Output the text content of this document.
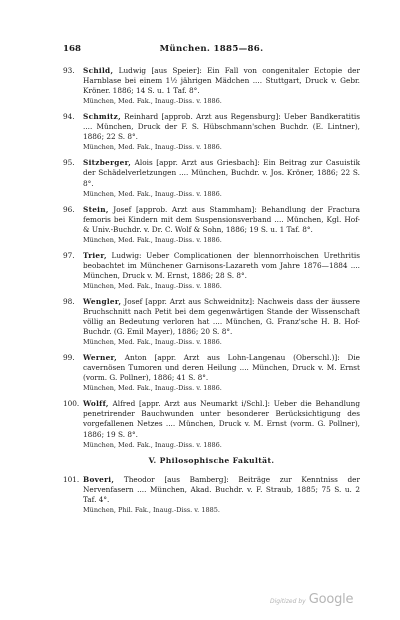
168	München. 1885—86.
93.	Schild, Ludwig [aus Speier]: Ein Fall von congenitaler Ectopie der Harnblase bei einem 1½ jährigen Mädchen .... Stuttgart, Druck v. Gebr. Kröner. 1886; 14 S. u. 1 Taf. 8°.
München, Med. Fak., Inaug.-Diss. v. 1886.
94.	Schmitz, Reinhard [approb. Arzt aus Regensburg]: Ueber Bandkeratitis .... München, Druck der F. S. Hübschmann'schen Buchdr. (E. Lintner), 1886; 22 S. 8°.
München, Med. Fak., Inaug.-Diss. v. 1886.
95.	Sitzberger, Alois [appr. Arzt aus Griesbach]: Ein Beitrag zur Casuistik der Schädelverletzungen .... München, Buchdr. v. Jos. Kröner, 1886; 22 S. 8°.
München, Med. Fak., Inaug.-Diss. v. 1886.
96.	Stein, Josef [approb. Arzt aus Stammham]: Behandlung der Fractura femoris bei Kindern mit dem Suspensionsverband .... München, Kgl. Hof- & Univ.-Buchdr. v. Dr. C. Wolf & Sohn, 1886; 19 S. u. 1 Taf. 8°.
München, Med. Fak., Inaug.-Diss. v. 1886.
97.	Trier, Ludwig: Ueber Complicationen der blennorrhoischen Urethritis beobachtet im Münchener Garnisons-Lazareth vom Jahre 1876—1884 .... München, Druck v. M. Ernst, 1886; 28 S. 8°.
München, Med. Fak., Inaug.-Diss. v. 1886.
98.	Wengler, Josef [appr. Arzt aus Schweidnitz]: Nachweis dass der äussere Bruchschnitt nach Petit bei dem gegenwärtigen Stande der Wissenschaft völlig an Bedeutung verloren hat .... München, G. Franz'sche H. B. Hof-Buchdr. (G. Emil Mayer), 1886; 20 S. 8°.
München, Med. Fak., Inaug.-Diss. v. 1886.
99.	Werner, Anton [appr. Arzt aus Lohn-Langenau (Oberschl.)]: Die cavernösen Tumoren und deren Heilung .... München, Druck v. M. Ernst (vorm. G. Pollner), 1886; 41 S. 8°.
München, Med. Fak., Inaug.-Diss. v. 1886.
100. Wolff, Alfred [appr. Arzt aus Neumarkt i/Schl.]: Ueber die Behandlung penetrirender Bauchwunden unter besonderer Berücksichtigung des vorgefallenen Netzes .... München, Druck v. M. Ernst (vorm. G. Pollner), 1886; 19 S. 8°.
München, Med. Fak., Inaug.-Diss. v. 1886.
V. Philosophische Fakultät.
101. Boveri, Theodor [aus Bamberg]: Beiträge zur Kenntniss der Nervenfasern .... München, Akad. Buchdr. v. F. Straub, 1885; 75 S. u. 2 Taf. 4°.
München, Phil. Fak., Inaug.-Diss. v. 1885.
Digitized by Google
